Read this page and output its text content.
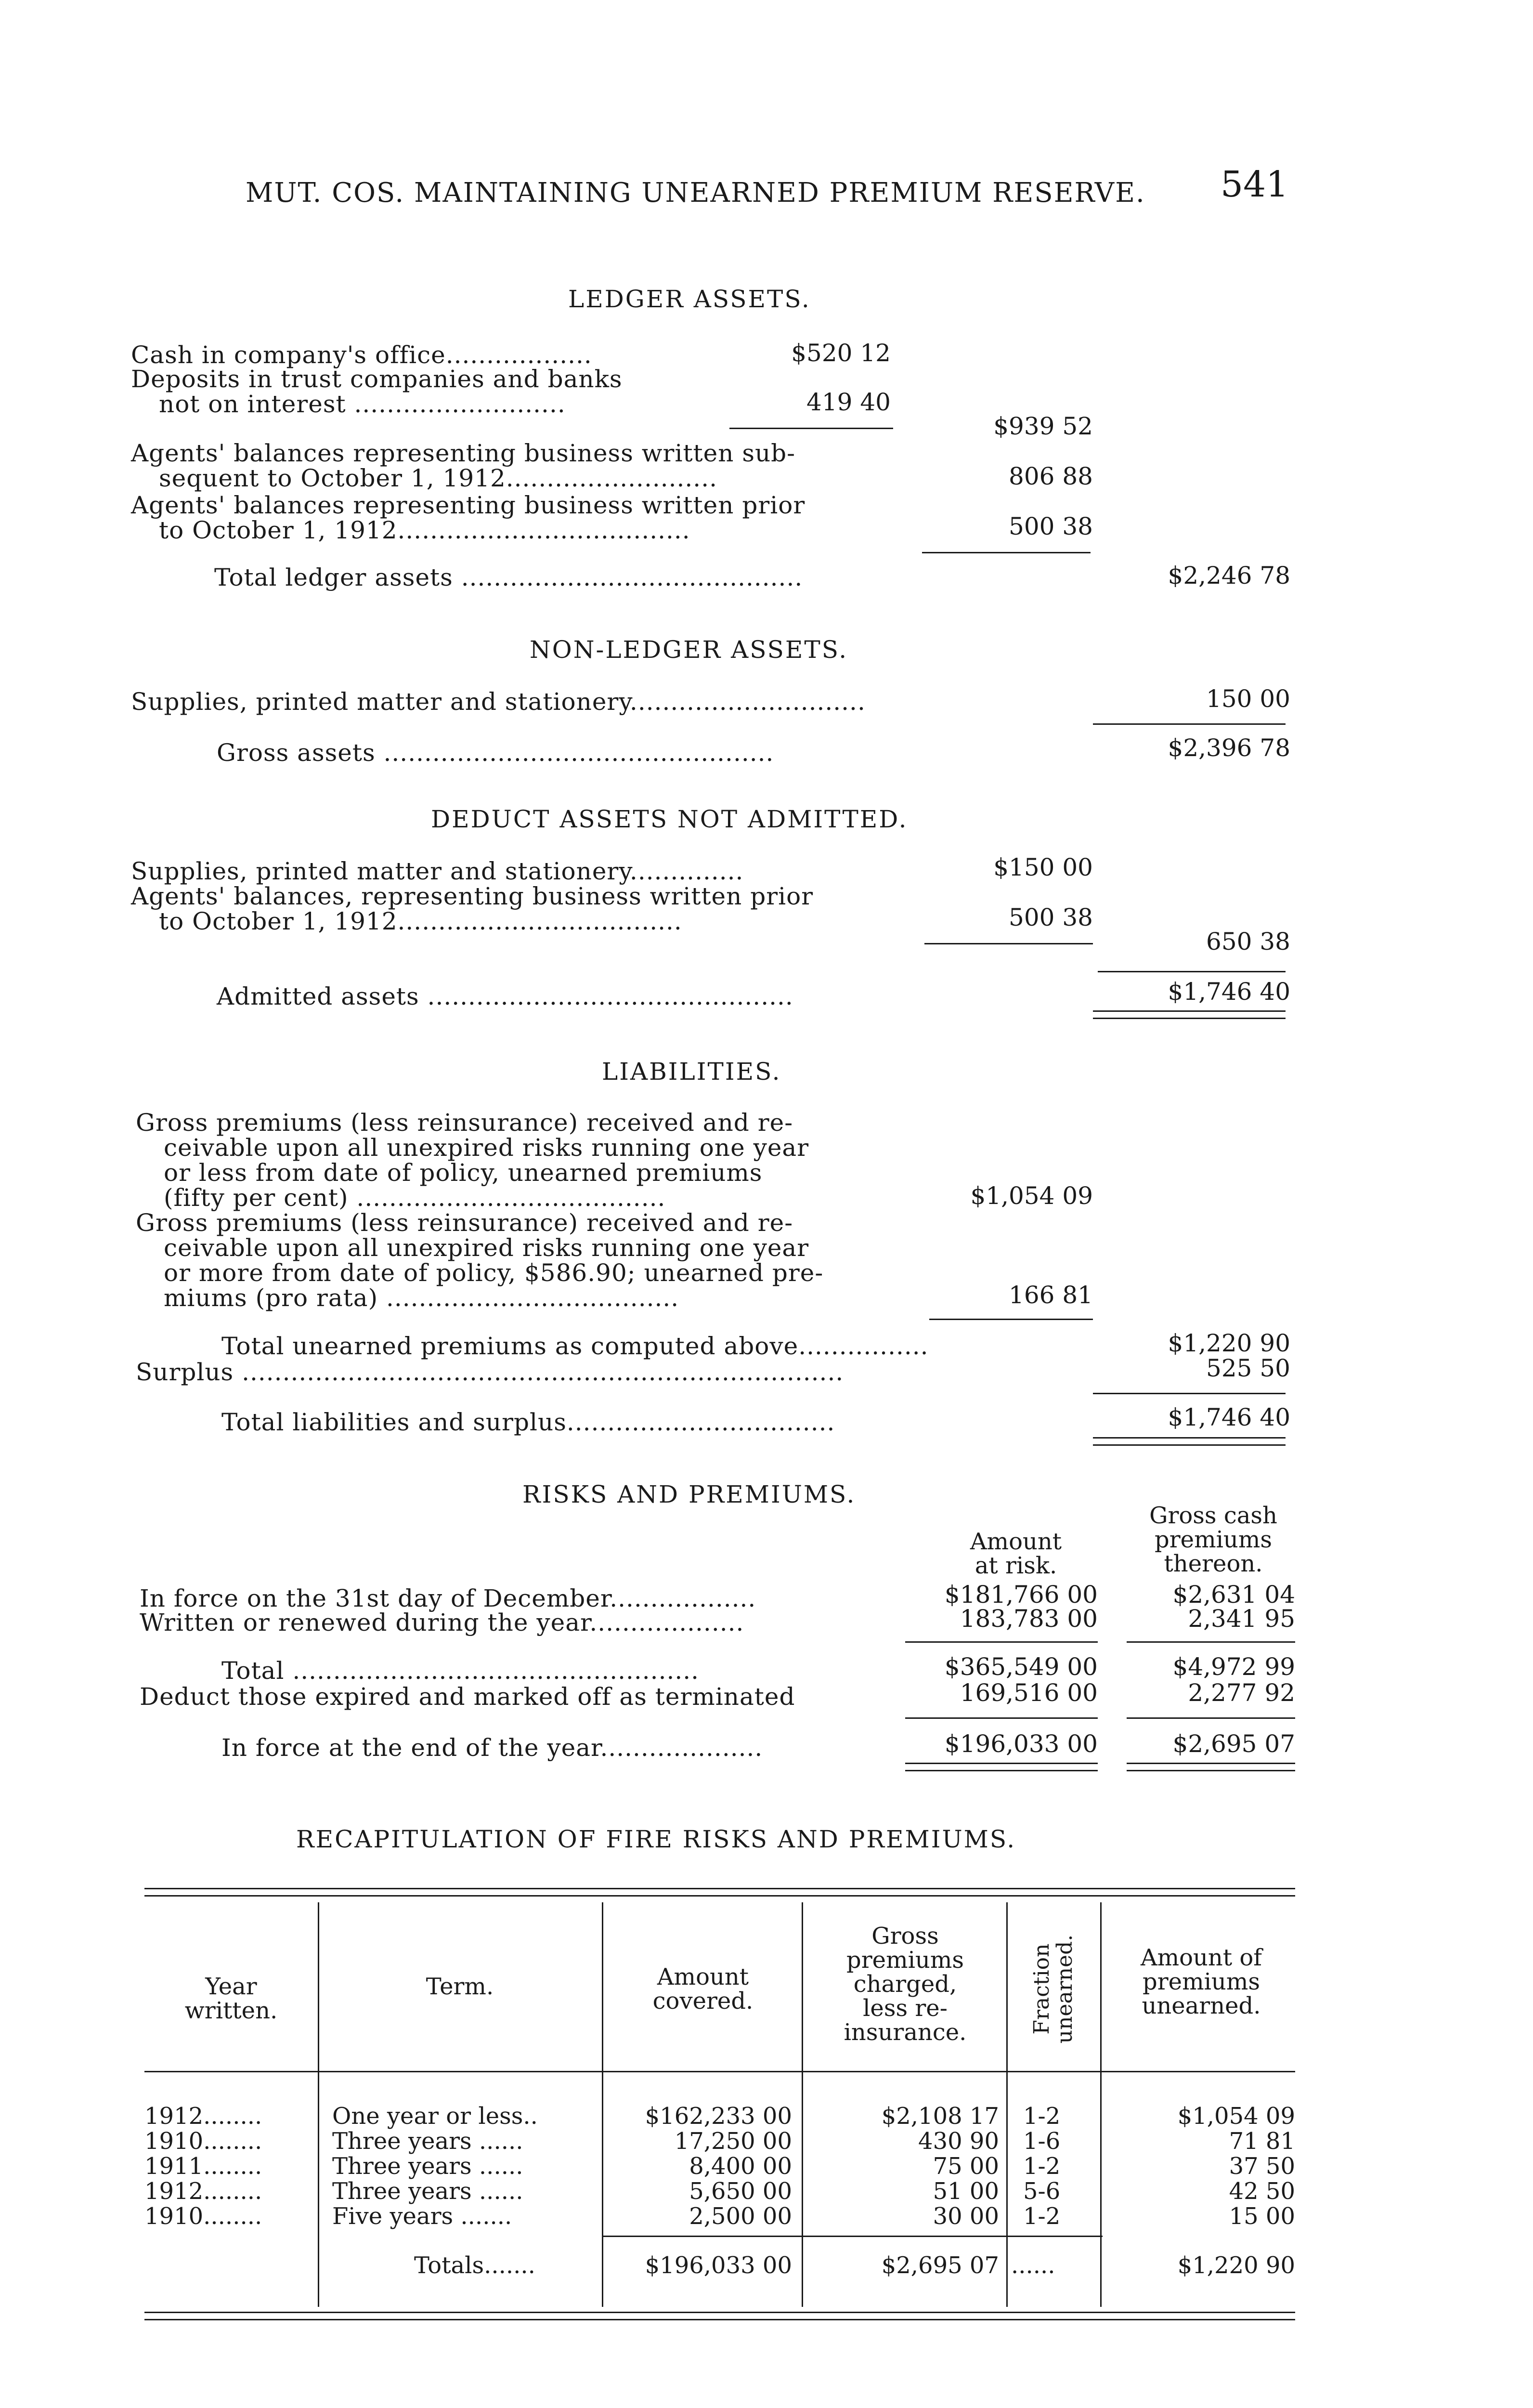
MUT. COS. MAINTAINING UNEARNED PREMIUM RESERVE. 541
LEDGER ASSETS.
Cash in company's office..................	$520 12
Deposits in trust companies and banks
not on interest ..........................	419 40
$939 52
Agents' balances representing business written sub-
sequent to October 1, 1912..........................	806 88
Agents' balances representing business written prior
to October 1, 1912....................................	500 38
Total ledger assets ..........................................	$2,246 78
NON-LEDGER ASSETS.
Supplies, printed matter and stationery.............................	150 00
Gross assets ................................................	$2,396 78
DEDUCT ASSETS NOT ADMITTED.
Supplies, printed matter and stationery..............	$150 00
Agents' balances, representing business written prior
to October 1, 1912...................................	500 38
650 38
Admitted assets .............................................	$1,746 40
LIABILITIES.
Gross premiums (less reinsurance) received and re-
ceivable upon all unexpired risks running one year
or less from date of policy, unearned premiums
(fifty per cent) ......................................	$1,054 09
Gross premiums (less reinsurance) received and re-
ceivable upon all unexpired risks running one year
or more from date of policy, $586.90; unearned pre-
miums (pro rata) ....................................	166 81
Total unearned premiums as computed above................	$1,220 90
Surplus ..........................................................................	525 50
Total liabilities and surplus.................................	$1,746 40
RISKS AND PREMIUMS.
Amount
at risk.
Gross cash
premiums
thereon.
In force on the 31st day of December..................	$181,766 00	$2,631 04
Written or renewed during the year...................	183,783 00	2,341 95
Total ..................................................	$365,549 00	$4,972 99
Deduct those expired and marked off as terminated	169,516 00	2,277 92
In force at the end of the year....................	$196,033 00	$2,695 07
RECAPITULATION OF FIRE RISKS AND PREMIUMS.
Year
written.
Term.	Amount
covered.
Gross
premiums
charged,
less re-
insurance.	Fraction
unearned.	Amount of
premiums
unearned.
1912........	One year or less..	$162,233 00	$2,108 17 1-2	$1,054 09
1910........	Three years ......	17,250 00	430 90 1-6	71 81
1911........	Three years ......	8,400 00	75 00 1-2	37 50
1912........	Three years ......	5,650 00	51 00 5-6	42 50
1910........	Five years .......	2,500 00	30 00 1-2	15 00
Totals.......	$196,033 00	$2,695 07 ......	$1,220 90
